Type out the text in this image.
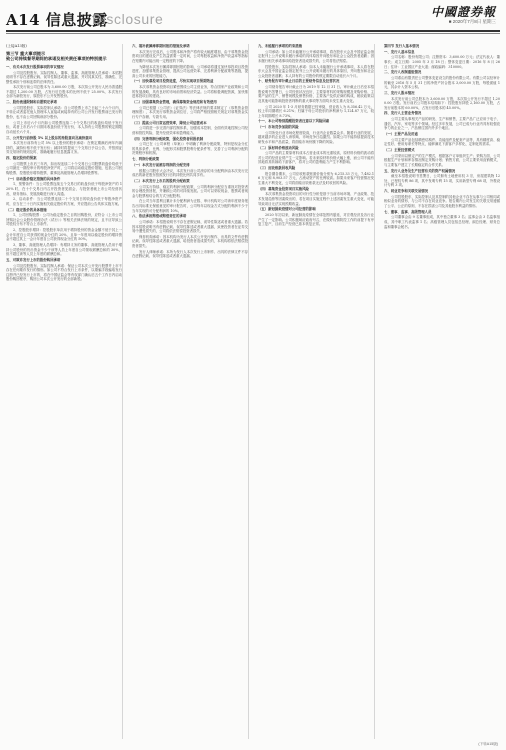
A14 信息披露
Disclosure	中國證券報
■ 2020年7月8日 星期三
(上接A13版)
第三节 重大事项提示
致公司持续督导期间的承诺及相关责任事项的特别提示

一、有关本次发行股票事项的审议情况

公司及控股股东、实际控制人、董事、监事、高级管理人员承诺：本招股说明书不存在虚假记载、误导性陈述或重大遗漏，并对其真实性、准确性、完整性承担个别和连带的法律责任。

本次发行前公司总股本为 3,600.00 万股，本次拟公开发行人民币普通股不超过 1,200.00 万股，占发行后总股本的比例不低于 25.00%，本次发行全部为新股发行，原股东不公开发售股份。

二、股份流通限制和自愿锁定承诺

公司控股股东、实际控制人承诺：自公司股票上市之日起三十六个月内，不转让或者委托他人管理本人直接或间接持有的公司公开发行股票前已发行的股份，也不由公司回购该部分股份。

公司上市后六个月内如公司股票连续二十个交易日的收盘价均低于发行价，或者上市后六个月期末收盘价低于发行价，本人持有公司股票的锁定期限自动延长六个月。

三、公开发行前持股 5% 以上股东的持股意向及减持意向

本次发行前持有公司 5% 以上股份的股东承诺：在锁定期满后两年内减持的，减持价格不低于发行价；减持时将提前三个交易日予以公告，并按照证券交易所的规则及时、准确地履行信息披露义务。

四、稳定股价的预案

公司股票上市后三年内，如出现连续二十个交易日公司股票收盘价均低于公司最近一期经审计的每股净资产时，公司将启动稳定股价措施，包括公司回购股票、控股股东增持股票、董事及高级管理人员增持股票等。

（一）启动股价稳定措施的具体条件

1、预警条件：当公司股票连续五个交易日的收盘价低于每股净资产的 120% 时，在十个交易日内召开投资者见面会，与投资者就上市公司经营状况、财务指标、发展战略进行深入沟通。

2、启动条件：当公司股票连续二十个交易日的收盘价低于每股净资产时，应当在三十日内实施相关稳定股价的方案，并应提前公告具体实施方案。

（二）稳定股价的具体措施

1、公司回购股票：公司为稳定股价之目的回购股份，应符合《上市公司回购社会公众股份管理办法（试行）》等相关法律法规的规定，且不应导致公司股权分布不符合上市条件。

2、控股股东增持：控股股东单次用于增持股份的资金金额不低于其上一会计年度自公司获得的现金分红的 20%，且单一年度用以稳定股价的增持资金不超过其上一会计年度自公司获得现金分红的 50%。

3、董事、高级管理人员增持：有增持义务的董事、高级管理人员用于增持公司股份的货币资金不少于该等人员上年度自公司领取薪酬总和的 30%，但不超过该等人员上年度的薪酬总和。

五、对欺诈发行上市的股份购回承诺

公司及控股股东、实际控制人承诺：保证公司本次公开发行股票并上市不存在任何欺诈发行的情形。如公司不符合发行上市条件，以欺骗手段骗取发行注册并已经发行上市的，将在中国证监会等有权部门确认后五个工作日内启动股份购回程序，购回公司本次公开发行的全部新股。

六、填补被摊薄即期回报的措施及承诺

本次发行完成后，公司股本和净资产将有较大幅度增加，由于募集资金投资项目的建设及产生效益需要一定时间，公司每股收益和净资产收益率等指标在短期内可能出现一定程度的下降。

为降低本次发行摊薄即期回报的影响，公司承诺将通过加快募投项目投资进度、加强募集资金管理、提高公司运营效率、完善利润分配政策等措施，提高公司未来的回报能力。

（一）加快募投项目投资进度，尽快实现项目预期效益

本次募集资金投资项目紧密围绕公司主营业务，符合国家产业政策和公司的发展战略，具有良好的市场前景和经济效益。公司将积极调配资源，加快推进募投项目的建设。

（二）加强募集资金管理，确保募集资金规范和有效使用

公司已根据《公司法》《证券法》等法律法规的要求制定了《募集资金管理制度》，本次发行募集资金到位后，公司将严格按照相关规定对募集资金实行专户存储、专款专用。

（三）提高公司日常运营效率，降低公司运营成本

公司将进一步完善内部控制体系，加强成本控制，全面有效地控制公司经营和管控风险，提升经营效率和盈利能力。

（四）完善利润分配政策，强化投资者回报机制

公司已在《公司章程（草案）》中明确了利润分配政策，特别是现金分红的具体条件、比例、分配形式和股票股利分配条件等，完善了公司利润分配的决策程序和机制。

七、利润分配政策

（一）本次发行前滚存利润的分配安排

根据公司股东大会决议，本次发行前公司滚存的未分配利润由本次发行完成后的新老股东按照发行后的持股比例共同享有。

（二）本次发行上市后的股利分配政策

公司实行持续、稳定的利润分配政策，公司的利润分配应当重视对投资者的合理投资回报，并兼顾公司的可持续发展。公司可以采取现金、股票或者现金与股票相结合的方式分配股利。

在公司当年盈利且累计未分配利润为正数、审计机构对公司该年度财务报告出具标准无保留意见的审计报告时，公司每年以现金方式分配的利润不少于当年实现的可分配利润的 10%。

八、依法承担赔偿或赔偿责任的承诺

公司承诺：本招股说明书不存在虚假记载、误导性陈述或者重大遗漏。若因本招股说明书有虚假记载、误导性陈述或者重大遗漏，致使投资者在证券交易中遭受损失的，公司将依法赔偿投资者损失。

保荐机构承诺：因本机构为发行人本次公开发行制作、出具的文件有虚假记载、误导性陈述或者重大遗漏，给投资者造成损失的，本机构将依法赔偿投资者损失。

发行人律师承诺：本所为发行人本次发行上市制作、出具的法律文件不存在虚假记载、误导性陈述或者重大遗漏。

九、未能履行承诺的约束措施

公司承诺：如公司未能履行公开承诺事项，将在股东大会及中国证监会指定报刊上公开说明未履行承诺的具体原因并向股东和社会公众投资者道歉；因未履行相关承诺事项给投资者造成损失的，公司将依法赔偿。

控股股东、实际控制人承诺：如本人未能履行公开承诺事项，本人将在股东大会及中国证监会指定报刊上公开说明未履行的具体原因，并向股东和社会公众投资者道歉；本人持有的公司股份的锁定期限自动延长六个月。

十、财务报告审计截止日后的主要财务信息及经营状况

公司财务报告审计截止日为 2019 年 12 月 31 日。审计截止日后至本招股说明书签署日，公司经营状况良好，主要原材料的采购规模及采购价格、主要产品的生产、销售规模及销售价格，主要客户及供应商的构成，税收政策以及其他可能影响投资者判断的重大事项等方面均未发生重大变化。

公司 2020 年 1-3 月财务数据已经审阅，营业收入为 8,356.42 万元，较上年同期增长 6.21%；归属于母公司股东的净利润为 1,124.87 万元，较上年同期增长 8.73%。

十一、本公司特别提醒投资者注意以下风险因素

（一）市场竞争加剧的风险

公司所处行业市场化程度较高，行业内企业数量众多。随着行业的发展，越来越多的企业进入该领域，市场竞争日趋激烈。如果公司不能持续提高技术研发水平和产品质量，将面临市场份额下降的风险。

（二）原材料价格波动风险

公司产品的主要原材料成本占营业成本的比重较高，原材料价格的波动将对公司的经营业绩产生一定影响。若未来原材料价格大幅上涨，而公司不能有效地将其转嫁给下游客户，将对公司的盈利能力产生不利影响。

（三）应收账款回收风险

报告期各期末，公司应收账款账面价值分别为 6,215.33 万元、7,482.16 万元和 8,903.57 万元，占流动资产的比例较高。如果未来客户经营情况发生重大不利变化，公司将面临应收账款无法及时收回的风险。

（四）募集资金投资项目实施风险

本次募集资金投资项目的可行性分析是基于当前市场环境、产业政策、技术发展趋势等因素做出的，若在项目实施过程中上述因素发生重大变化，可能导致项目无法实现预期收益。

（五）新冠肺炎疫情对公司经营的影响

2020 年初以来，新冠肺炎疫情在全球范围内蔓延，对宏观经济及各行业产生了一定影响。公司积极响应政府号召，在做好疫情防控工作的前提下有序复工复产，目前生产经营已基本恢复正常。

第四节 发行人基本情况

一、发行人基本信息

公司名称：股份有限公司；注册资本：3,600.00 万元；法定代表人：董事长；成立日期：2005 年 3 月 18 日；整体变更日期：2016 年 8 月 26 日；住所：工业园区产业大道；邮政编码：310000。

二、发行人改制重组情况

公司系由有限责任公司整体变更设立的股份有限公司。有限公司以经审计的截至 2016 年 5 月 31 日的净资产折合股本 3,000.00 万股，每股面值 1 元，其余计入资本公积。

三、发行人股本情况

本次发行前公司总股本为 3,600.00 万股，本次拟公开发行不超过 1,200.00 万股。发行前后公司股本结构如下：控股股东持股 2,160.00 万股，占发行前股本的 60.00%，占发行后股本的 45.00%。

四、发行人主营业务情况

公司主要从事相关产品的研发、生产和销售，主要产品广泛应用于电子、通信、汽车、家电等多个领域。经过多年发展，公司已成为行业内具有较强竞争力的企业之一，产品销往国内外多个地区。

（一）主要产品及用途

公司主要产品包括精密结构件、功能组件及配套产品等，具有精度高、稳定性好、使用寿命长等特点，能够满足下游客户多样化、定制化的需求。

（二）主要经营模式

公司采用以销定产的生产模式，根据客户订单组织生产；采购方面，公司根据生产计划和库存情况制定采购计划；销售方面，公司主要采用直销模式，与主要客户建立了长期稳定的合作关系。

五、发行人业务及生产经营有关的资产权属情况

截至本招股说明书签署日，公司拥有土地使用权 3 宗，房屋建筑物 12 处，已授权专利 86 项，其中发明专利 15 项，实用新型专利 68 项，外观设计专利 3 项。

六、同业竞争和关联交易情况

公司控股股东、实际控制人及其控制的其他企业不存在从事与公司相同或相似业务的情形，与公司不存在同业竞争。报告期内公司发生的关联交易遵循了公平、公正的原则，不存在损害公司及其他股东利益的情形。

七、董事、监事、高级管理人员

公司董事会由 9 名董事组成，其中独立董事 3 名；监事会由 3 名监事组成，其中职工代表监事 1 名；高级管理人员包括总经理、副总经理、财务总监和董事会秘书。

(下转A15版)
